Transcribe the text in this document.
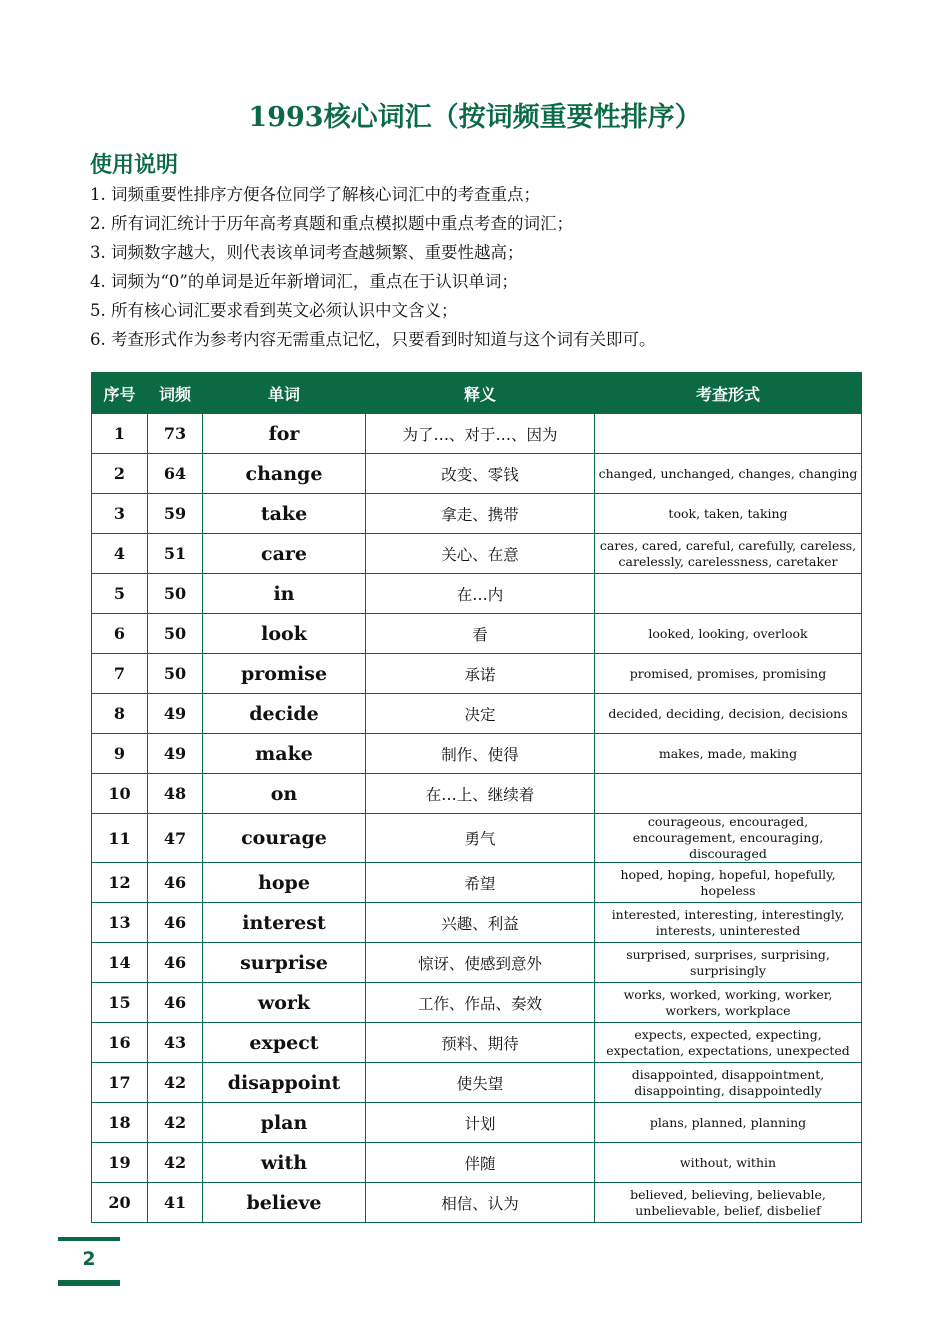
1993核心词汇（按词频重要性排序）
使用说明
1. 词频重要性排序方便各位同学了解核心词汇中的考查重点；
2. 所有词汇统计于历年高考真题和重点模拟题中重点考查的词汇；
3. 词频数字越大，则代表该单词考查越频繁、重要性越高；
4. 词频为“0”的单词是近年新增词汇，重点在于认识单词；
5. 所有核心词汇要求看到英文必须认识中文含义；
6. 考查形式作为参考内容无需重点记忆，只要看到时知道与这个词有关即可。
序号	词频	单词	释义	考查形式
1	73	for	为了…、对于…、因为	
2	64	change	改变、零钱	changed, unchanged, changes, changing
3	59	take	拿走、携带	took, taken, taking
4	51	care	关心、在意	cares, cared, careful, carefully, careless, carelessly, carelessness, caretaker
5	50	in	在…内	
6	50	look	看	looked, looking, overlook
7	50	promise	承诺	promised, promises, promising
8	49	decide	决定	decided, deciding, decision, decisions
9	49	make	制作、使得	makes, made, making
10	48	on	在…上、继续着	
11	47	courage	勇气	courageous, encouraged, encouragement, encouraging, discouraged
12	46	hope	希望	hoped, hoping, hopeful, hopefully, hopeless
13	46	interest	兴趣、利益	interested, interesting, interestingly, interests, uninterested
14	46	surprise	惊讶、使感到意外	surprised, surprises, surprising, surprisingly
15	46	work	工作、作品、奏效	works, worked, working, worker, workers, workplace
16	43	expect	预料、期待	expects, expected, expecting, expectation, expectations, unexpected
17	42	disappoint	使失望	disappointed, disappointment, disappointing, disappointedly
18	42	plan	计划	plans, planned, planning
19	42	with	伴随	without, within
20	41	believe	相信、认为	believed, believing, believable, unbelievable, belief, disbelief
2
